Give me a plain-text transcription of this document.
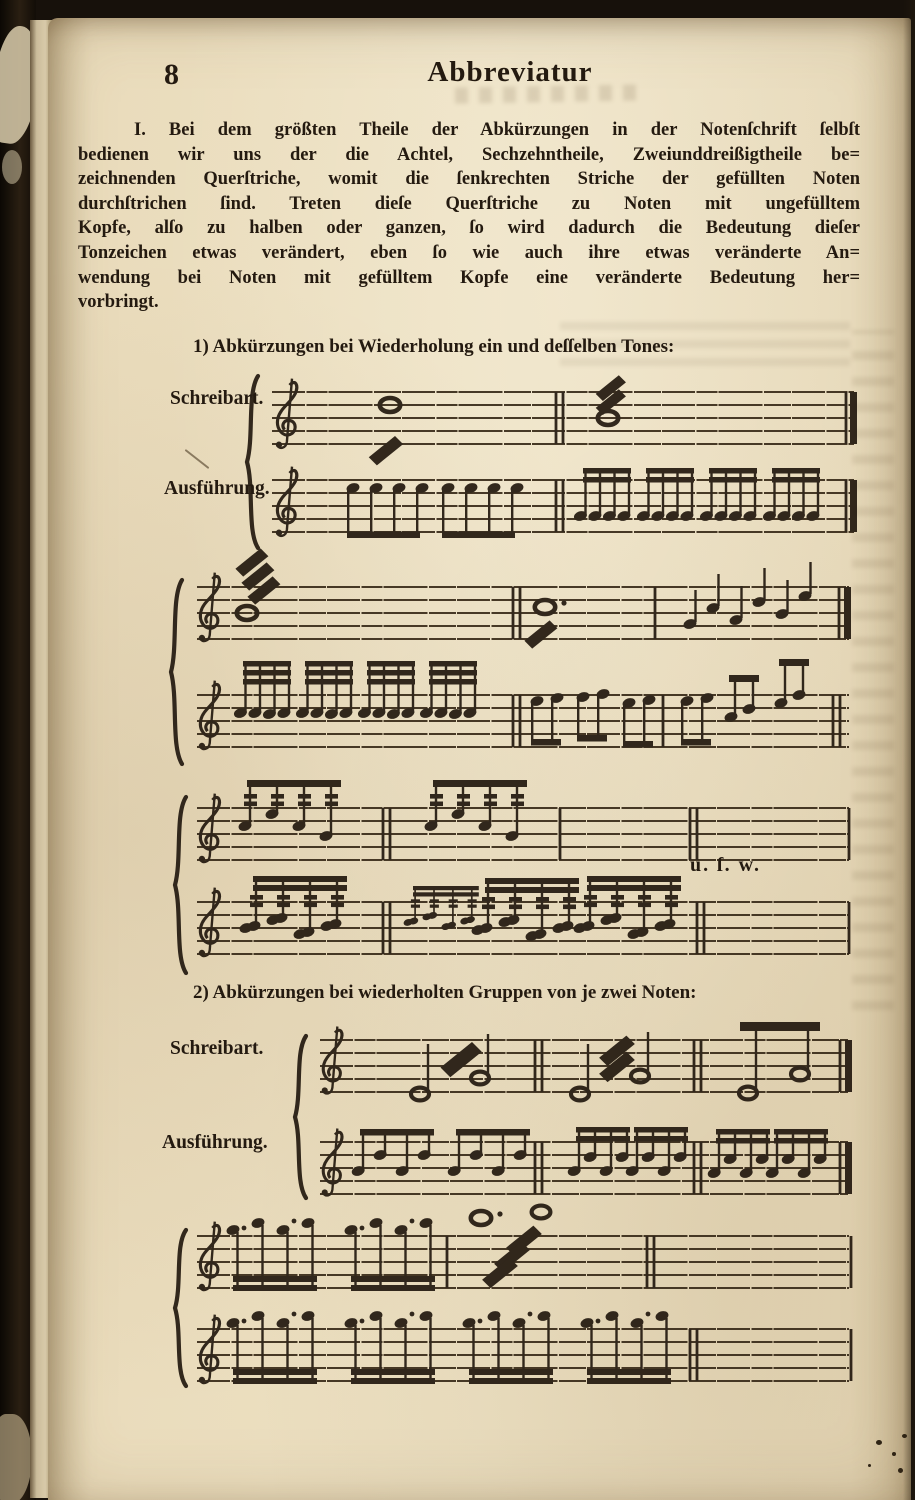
8	Abbreviatur
I. Bei dem größten Theile der Abkürzungen in der Notenſchrift ſelbſt
bedienen wir uns der die Achtel, Sechzehntheile, Zweiunddreißigtheile be=
zeichnenden Querſtriche, womit die ſenkrechten Striche der gefüllten Noten
durchſtrichen ſind. Treten dieſe Querſtriche zu Noten mit ungefülltem
Kopfe, alſo zu halben oder ganzen, ſo wird dadurch die Bedeutung dieſer
Tonzeichen etwas verändert, eben ſo wie auch ihre etwas veränderte An=
wendung bei Noten mit gefülltem Kopfe eine veränderte Bedeutung her=
vorbringt.
1) Abkürzungen bei Wiederholung ein und deſſelben Tones:
Schreibart.
Ausführung.
u. ſ. w.
2) Abkürzungen bei wiederholten Gruppen von je zwei Noten:
Schreibart.
Ausführung.
